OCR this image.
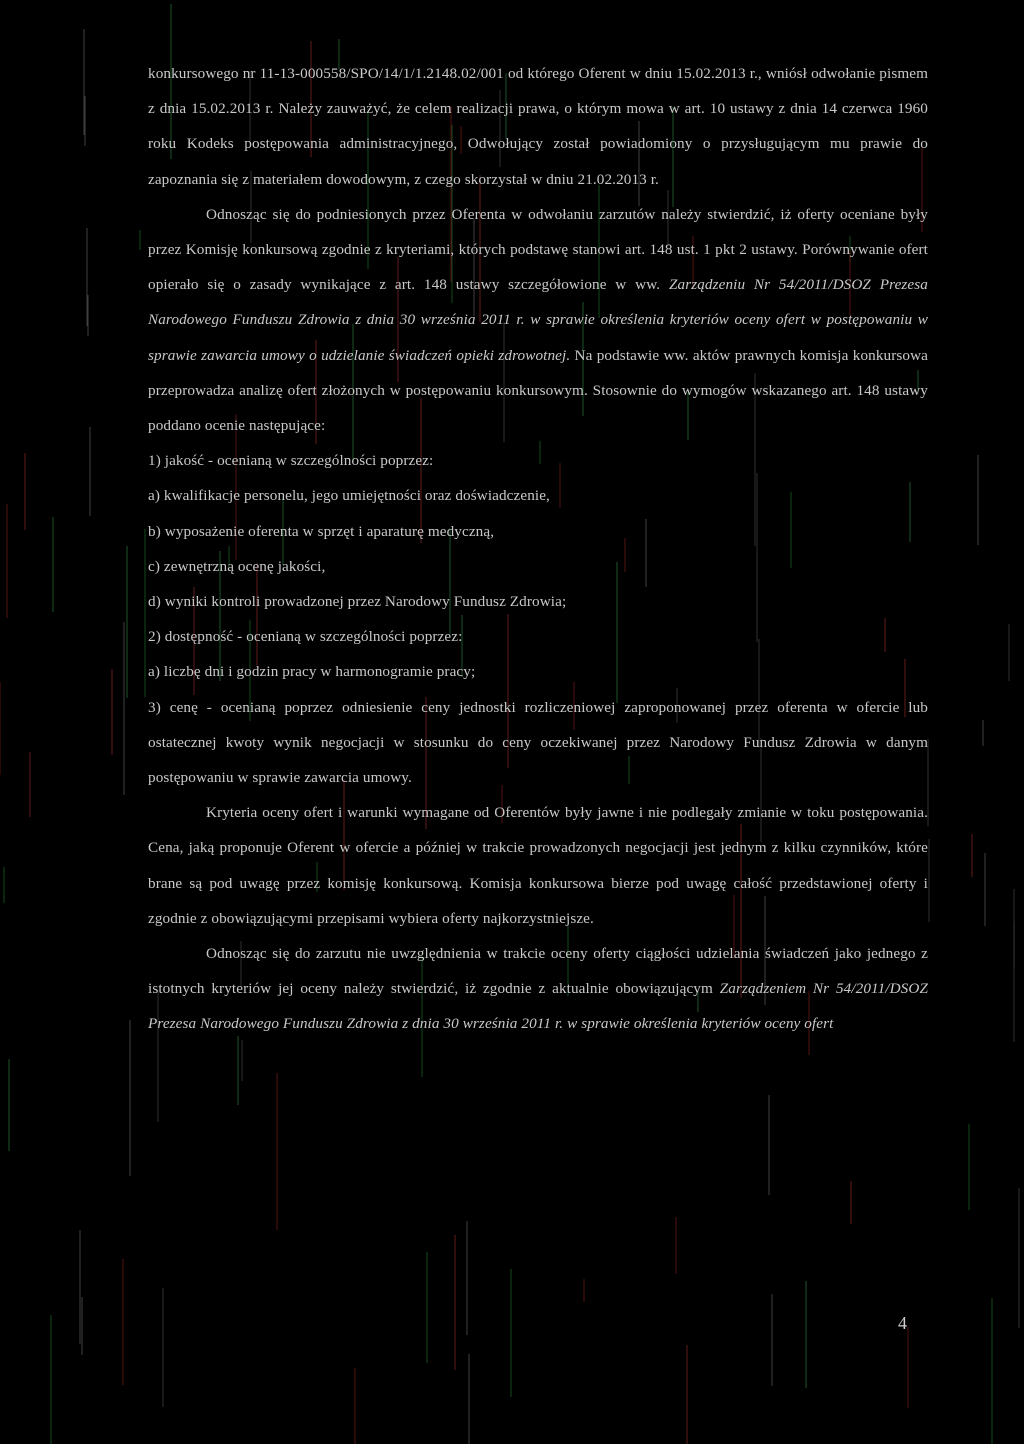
konkursowego nr 11-13-000558/SPO/14/1/1.2148.02/001 od którego Oferent w dniu 15.02.2013 r., wniósł odwołanie pismem z dnia 15.02.2013 r. Należy zauważyć, że celem realizacji prawa, o którym mowa w art. 10 ustawy z dnia 14 czerwca 1960 roku Kodeks postępowania administracyjnego, Odwołujący został powiadomiony o przysługującym mu prawie do zapoznania się z materiałem dowodowym, z czego skorzystał w dniu 21.02.2013 r.

Odnosząc się do podniesionych przez Oferenta w odwołaniu zarzutów należy stwierdzić, iż oferty oceniane były przez Komisję konkursową zgodnie z kryteriami, których podstawę stanowi art. 148 ust. 1 pkt 2 ustawy. Porównywanie ofert opierało się o zasady wynikające z art. 148 ustawy szczegółowione w ww. Zarządzeniu Nr 54/2011/DSOZ Prezesa Narodowego Funduszu Zdrowia z dnia 30 września 2011 r. w sprawie określenia kryteriów oceny ofert w postępowaniu w sprawie zawarcia umowy o udzielanie świadczeń opieki zdrowotnej. Na podstawie ww. aktów prawnych komisja konkursowa przeprowadza analizę ofert złożonych w postępowaniu konkursowym. Stosownie do wymogów wskazanego art. 148 ustawy poddano ocenie następujące:

1) jakość - ocenianą w szczególności poprzez:

a) kwalifikacje personelu, jego umiejętności oraz doświadczenie,

b) wyposażenie oferenta w sprzęt i aparaturę medyczną,

c) zewnętrzną ocenę jakości,

d) wyniki kontroli prowadzonej przez Narodowy Fundusz Zdrowia;

2) dostępność - ocenianą w szczególności poprzez:

a) liczbę dni i godzin pracy w harmonogramie pracy;

3) cenę - ocenianą poprzez odniesienie ceny jednostki rozliczeniowej zaproponowanej przez oferenta w ofercie lub ostatecznej kwoty wynik negocjacji w stosunku do ceny oczekiwanej przez Narodowy Fundusz Zdrowia w danym postępowaniu w sprawie zawarcia umowy.

Kryteria oceny ofert i warunki wymagane od Oferentów były jawne i nie podlegały zmianie w toku postępowania. Cena, jaką proponuje Oferent w ofercie a później w trakcie prowadzonych negocjacji jest jednym z kilku czynników, które brane są pod uwagę przez komisję konkursową. Komisja konkursowa bierze pod uwagę całość przedstawionej oferty i zgodnie z obowiązującymi przepisami wybiera oferty najkorzystniejsze.

Odnosząc się do zarzutu nie uwzględnienia w trakcie oceny oferty ciągłości udzielania świadczeń jako jednego z istotnych kryteriów jej oceny należy stwierdzić, iż zgodnie z aktualnie obowiązującym Zarządzeniem Nr 54/2011/DSOZ Prezesa Narodowego Funduszu Zdrowia z dnia 30 września 2011 r. w sprawie określenia kryteriów oceny ofert

4
